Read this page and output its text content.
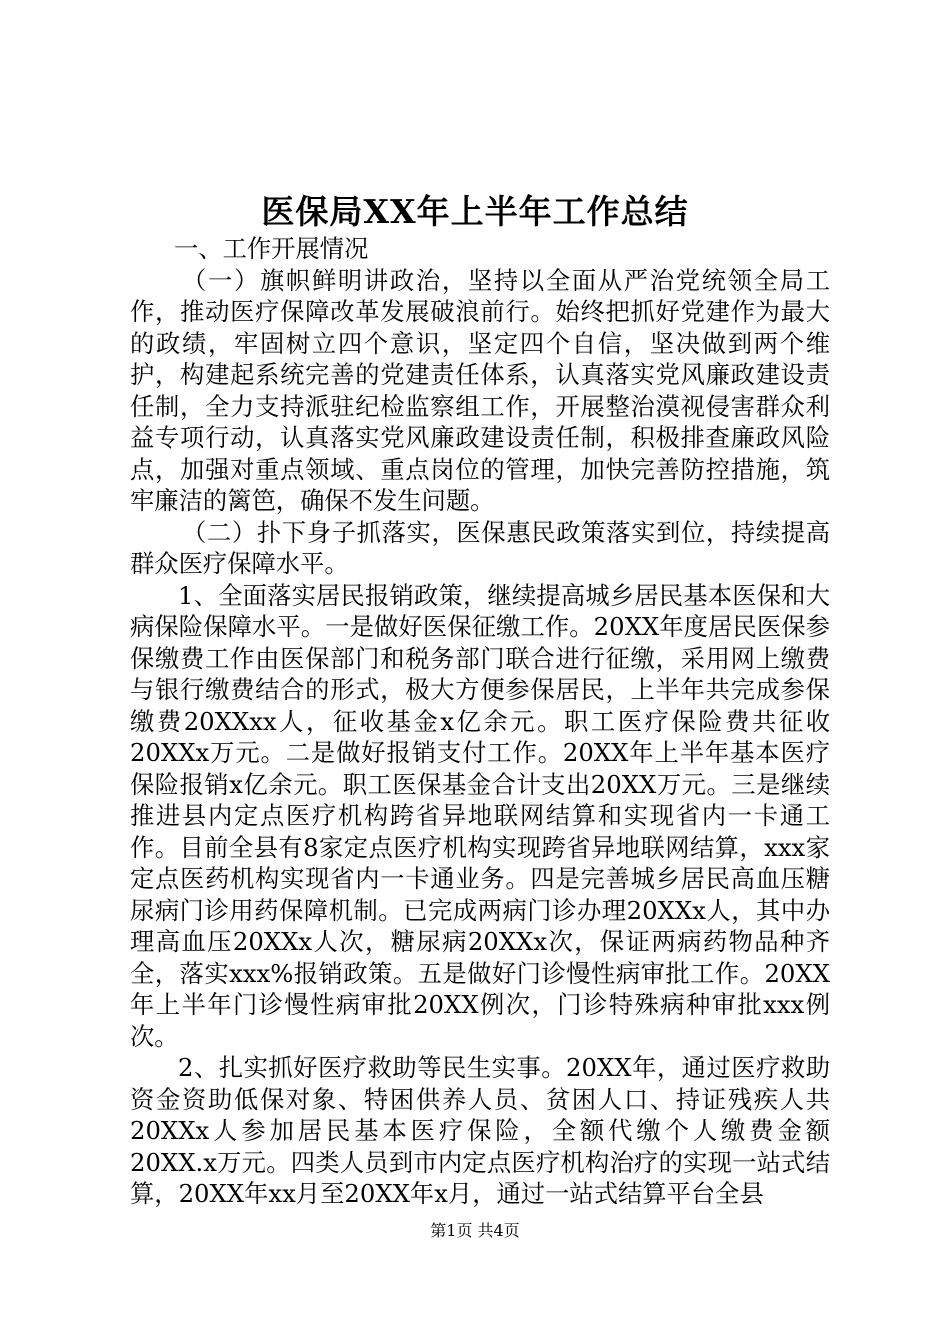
医保局XX年上半年工作总结

一、工作开展情况

（一）旗帜鲜明讲政治，坚持以全面从严治党统领全局工作，推动医疗保障改革发展破浪前行。始终把抓好党建作为最大的政绩，牢固树立四个意识，坚定四个自信，坚决做到两个维护，构建起系统完善的党建责任体系，认真落实党风廉政建设责任制，全力支持派驻纪检监察组工作，开展整治漠视侵害群众利益专项行动，认真落实党风廉政建设责任制，积极排查廉政风险点，加强对重点领域、重点岗位的管理，加快完善防控措施，筑牢廉洁的篱笆，确保不发生问题。

（二）扑下身子抓落实，医保惠民政策落实到位，持续提高群众医疗保障水平。

1、全面落实居民报销政策，继续提高城乡居民基本医保和大病保险保障水平。一是做好医保征缴工作。20XX年度居民医保参保缴费工作由医保部门和税务部门联合进行征缴，采用网上缴费与银行缴费结合的形式，极大方便参保居民，上半年共完成参保缴费20XXxx人，征收基金x亿余元。职工医疗保险费共征收20XXx万元。二是做好报销支付工作。20XX年上半年基本医疗保险报销x亿余元。职工医保基金合计支出20XX万元。三是继续推进县内定点医疗机构跨省异地联网结算和实现省内一卡通工作。目前全县有8家定点医疗机构实现跨省异地联网结算，xxx家定点医药机构实现省内一卡通业务。四是完善城乡居民高血压糖尿病门诊用药保障机制。已完成两病门诊办理20XXx人，其中办理高血压20XXx人次，糖尿病20XXx次，保证两病药物品种齐全，落实xxx%报销政策。五是做好门诊慢性病审批工作。20XX年上半年门诊慢性病审批20XX例次，门诊特殊病种审批xxx例次。

2、扎实抓好医疗救助等民生实事。20XX年，通过医疗救助资金资助低保对象、特困供养人员、贫困人口、持证残疾人共20XXx人参加居民基本医疗保险，全额代缴个人缴费金额20XX.x万元。四类人员到市内定点医疗机构治疗的实现一站式结算，20XX年xx月至20XX年x月，通过一站式结算平台全县

第1页 共4页
